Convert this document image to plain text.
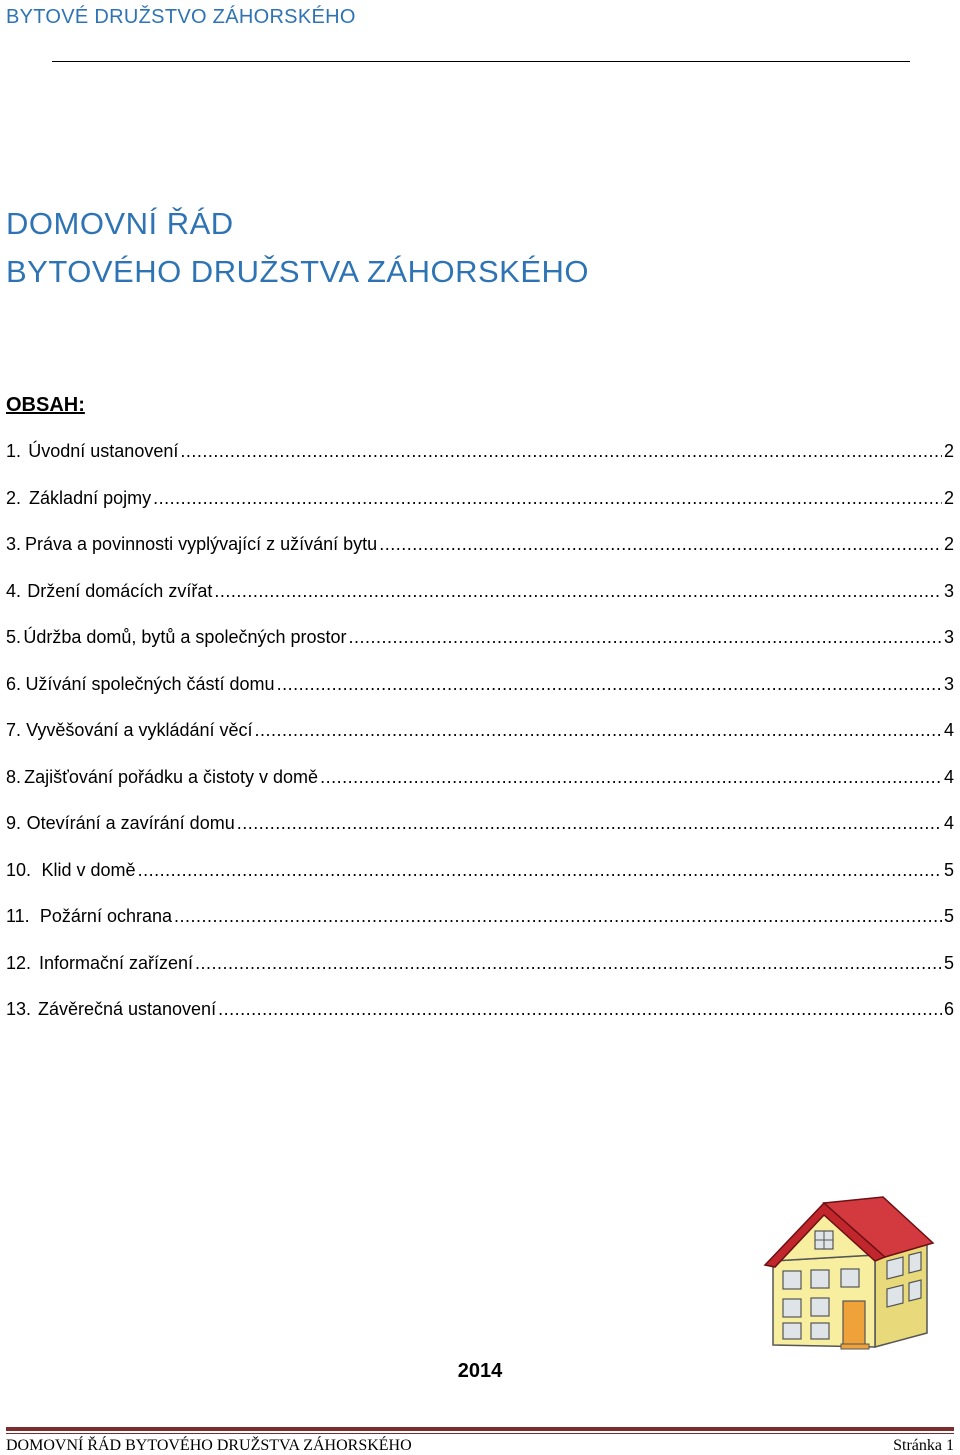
BYTOVÉ DRUŽSTVO ZÁHORSKÉHO
DOMOVNÍ ŘÁD
BYTOVÉHO DRUŽSTVA ZÁHORSKÉHO
OBSAH:
1. Úvodní ustanovení .....	2
2. Základní pojmy .....	2
3. Práva a povinnosti vyplývající z užívání bytu .....	2
4. Držení domácích zvířat .....	3
5. Údržba domů, bytů a společných prostor .....	3
6. Užívání společných částí domu .....	3
7. Vyvěšování a vykládání věcí .....	4
8. Zajišťování pořádku a čistoty v domě .....	4
9. Otevírání a zavírání domu .....	4
10. Klid v domě .....	5
11. Požární ochrana .....	5
12. Informační zařízení .....	5
13. Závěrečná ustanovení .....	6
2014
DOMOVNÍ ŘÁD BYTOVÉHO DRUŽSTVA ZÁHORSKÉHO	Stránka 1
